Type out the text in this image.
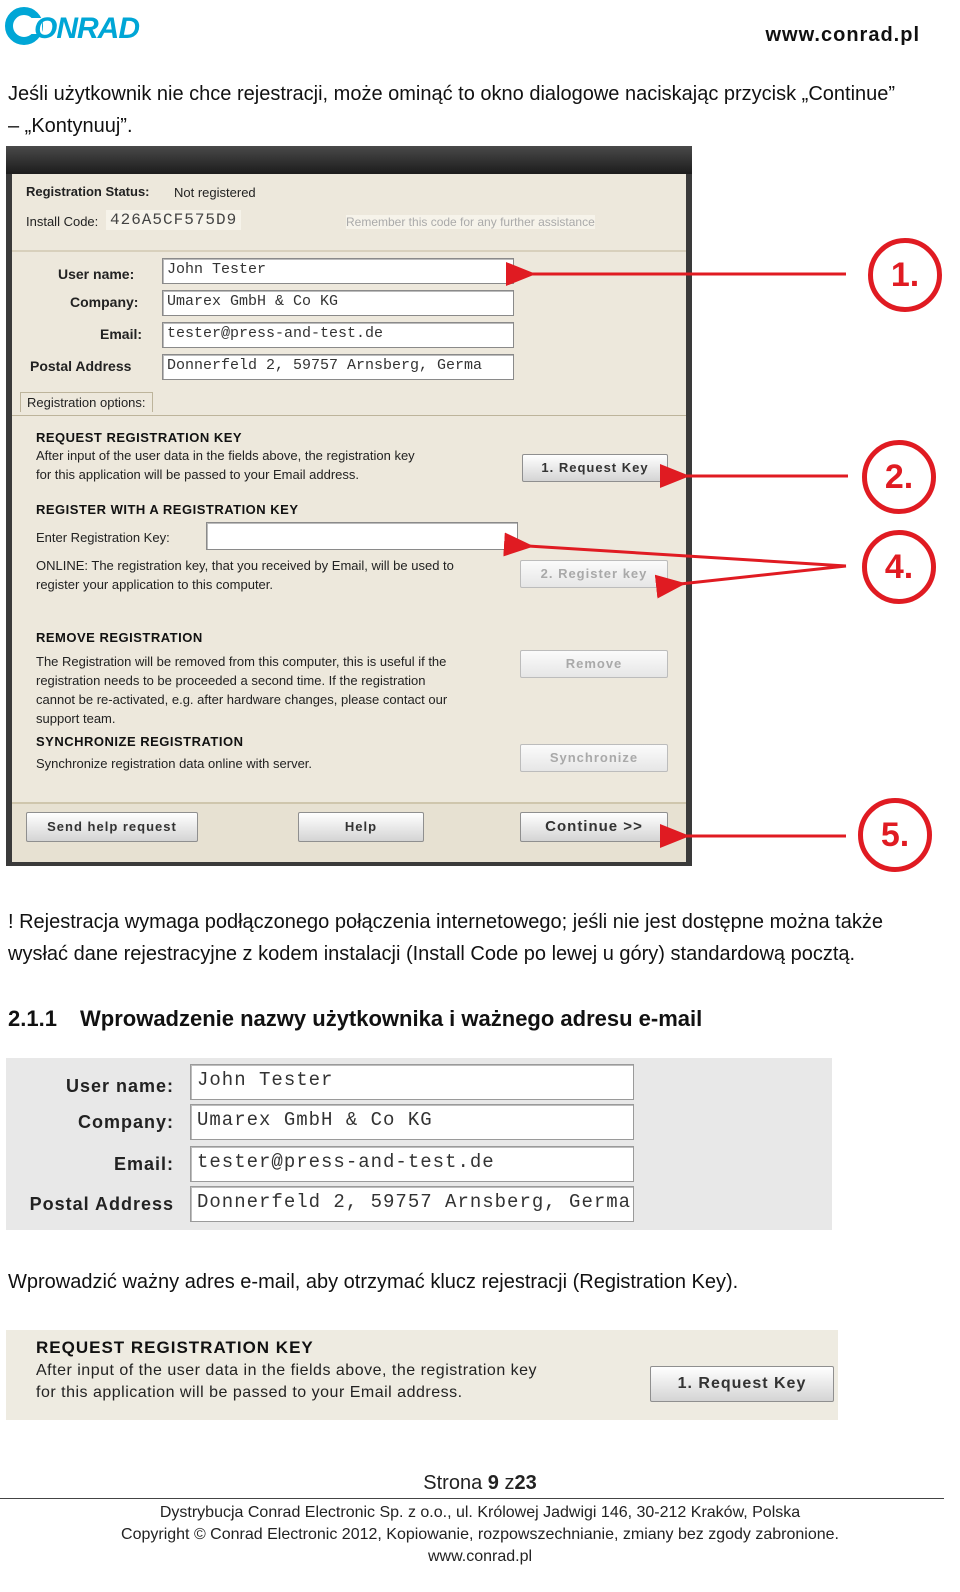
ONRAD	www.conrad.pl
Jeśli użytkownik nie chce rejestracji, może ominąć to okno dialogowe naciskając przycisk „Continue”
– „Kontynuuj”.
Registration Status: Not registered
Install Code: 426A5CF575D9	Remember this code for any further assistance
User name:	John Tester
Company:	Umarex GmbH & Co KG
Email:	tester@press-and-test.de
Postal Address	Donnerfeld 2, 59757 Arnsberg, Germa
Registration options:
REQUEST REGISTRATION KEY
After input of the user data in the fields above, the registration key
for this application will be passed to your Email address.	1. Request Key
REGISTER WITH A REGISTRATION KEY
Enter Registration Key:
ONLINE: The registration key, that you received by Email, will be used to
register your application to this computer.
2. Register key
REMOVE REGISTRATION
The Registration will be removed from this computer, this is useful if the
registration needs to be proceeded a second time. If the registration
cannot be re-activated, e.g. after hardware changes, please contact our
support team.
Remove
SYNCHRONIZE REGISTRATION
Synchronize registration data online with server.	Synchronize
Send help request	Help	Continue >>
1.
2.
4.
5.
! Rejestracja wymaga podłączonego połączenia internetowego; jeśli nie jest dostępne można także
wysłać dane rejestracyjne z kodem instalacji (Install Code po lewej u góry) standardową pocztą.
2.1.1 Wprowadzenie nazwy użytkownika i ważnego adresu e-mail
User name:	John Tester
Company:	Umarex GmbH & Co KG
Email:	tester@press-and-test.de
Postal Address	Donnerfeld 2, 59757 Arnsberg, Germa
Wprowadzić ważny adres e-mail, aby otrzymać klucz rejestracji (Registration Key).
REQUEST REGISTRATION KEY
After input of the user data in the fields above, the registration key
for this application will be passed to your Email address.
1. Request Key
Strona 9 z23
Dystrybucja Conrad Electronic Sp. z o.o., ul. Królowej Jadwigi 146, 30-212 Kraków, Polska
Copyright © Conrad Electronic 2012, Kopiowanie, rozpowszechnianie, zmiany bez zgody zabronione.
www.conrad.pl
